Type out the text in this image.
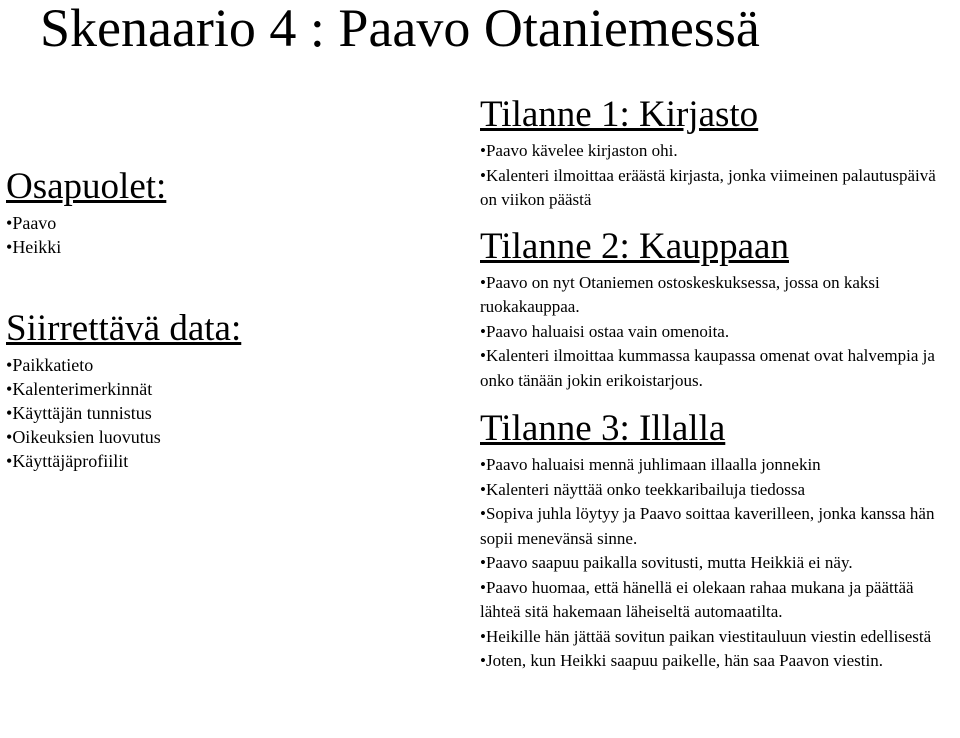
Skenaario 4 : Paavo Otaniemessä
Osapuolet:
• Paavo
• Heikki
Siirrettävä data:
• Paikkatieto
• Kalenterimerkinnät
• Käyttäjän tunnistus
• Oikeuksien luovutus
• Käyttäjäprofiilit
Tilanne 1: Kirjasto
• Paavo kävelee kirjaston ohi.
• Kalenteri ilmoittaa eräästä kirjasta, jonka viimeinen palautuspäivä on viikon päästä
Tilanne 2: Kauppaan
• Paavo on nyt Otaniemen ostoskeskuksessa, jossa on kaksi ruokakauppaa.
• Paavo haluaisi ostaa vain omenoita.
• Kalenteri ilmoittaa kummassa kaupassa omenat ovat halvempia ja onko tänään jokin erikoistarjous.
Tilanne 3: Illalla
• Paavo haluaisi mennä juhlimaan illaalla jonnekin
• Kalenteri näyttää onko teekkaribailuja tiedossa
• Sopiva juhla löytyy ja Paavo soittaa kaverilleen, jonka kanssa hän sopii menevänsä sinne.
• Paavo saapuu paikalla sovitusti, mutta Heikkiä ei näy.
• Paavo huomaa, että hänellä ei olekaan rahaa mukana ja päättää lähteä sitä hakemaan läheiseltä automaatilta.
• Heikille hän jättää sovitun paikan viestitauluun viestin edellisestä
• Joten, kun Heikki saapuu paikelle, hän saa Paavon viestin.
